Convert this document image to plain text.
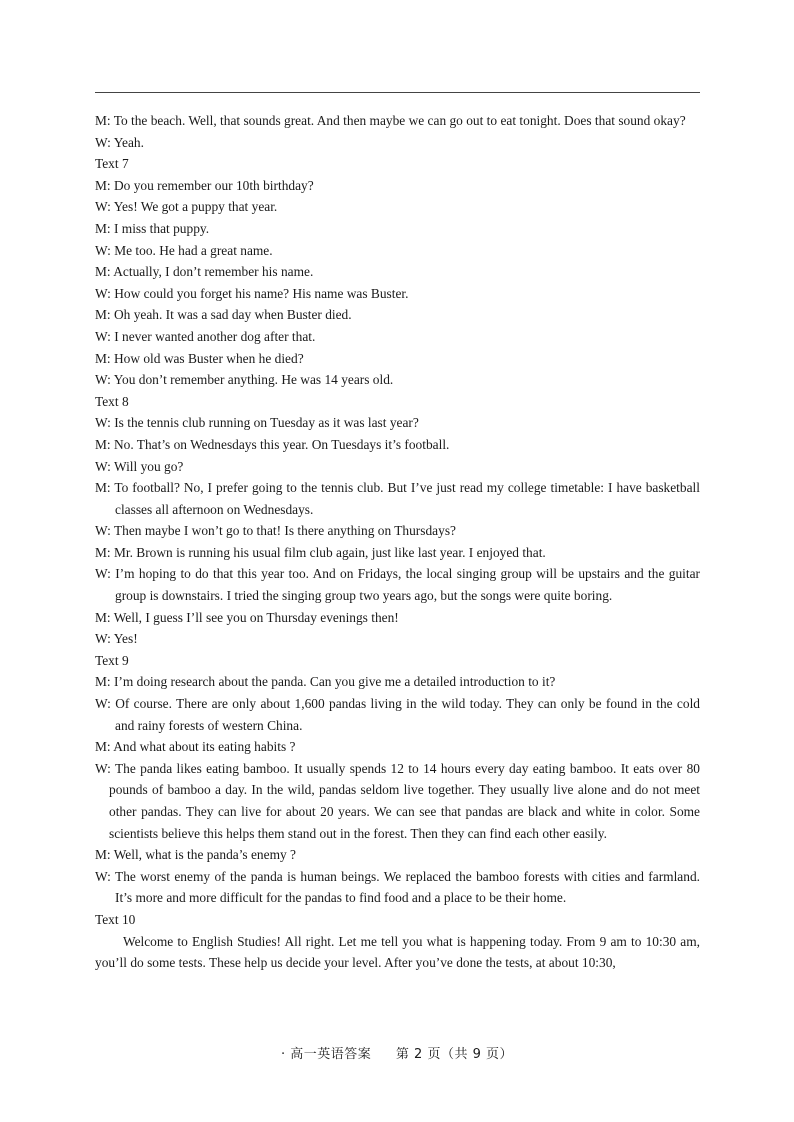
M: To the beach. Well, that sounds great. And then maybe we can go out to eat tonight. Does that sound okay?

W: Yeah.

Text 7

M: Do you remember our 10th birthday?

W: Yes! We got a puppy that year.

M: I miss that puppy.

W: Me too. He had a great name.

M: Actually, I don’t remember his name.

W: How could you forget his name? His name was Buster.

M: Oh yeah. It was a sad day when Buster died.

W: I never wanted another dog after that.

M: How old was Buster when he died?

W: You don’t remember anything. He was 14 years old.

Text 8

W: Is the tennis club running on Tuesday as it was last year?

M: No. That’s on Wednesdays this year. On Tuesdays it’s football.

W: Will you go?

M: To football? No, I prefer going to the tennis club. But I’ve just read my college timetable: I have basketball classes all afternoon on Wednesdays.

W: Then maybe I won’t go to that! Is there anything on Thursdays?

M: Mr. Brown is running his usual film club again, just like last year. I enjoyed that.

W: I’m hoping to do that this year too. And on Fridays, the local singing group will be upstairs and the guitar group is downstairs. I tried the singing group two years ago, but the songs were quite boring.

M: Well, I guess I’ll see you on Thursday evenings then!

W: Yes!

Text 9

M: I’m doing research about the panda. Can you give me a detailed introduction to it?

W: Of course. There are only about 1,600 pandas living in the wild today. They can only be found in the cold and rainy forests of western China.

M: And what about its eating habits ?

W: The panda likes eating bamboo. It usually spends 12 to 14 hours every day eating bamboo. It eats over 80 pounds of bamboo a day. In the wild, pandas seldom live together. They usually live alone and do not meet other pandas. They can live for about 20 years. We can see that pandas are black and white in color. Some scientists believe this helps them stand out in the forest. Then they can find each other easily.

M: Well, what is the panda’s enemy ?

W: The worst enemy of the panda is human beings. We replaced the bamboo forests with cities and farmland. It’s more and more difficult for the pandas to find food and a place to be their home.

Text 10

Welcome to English Studies! All right. Let me tell you what is happening today. From 9 am to 10:30 am, you’ll do some tests. These help us decide your level. After you’ve done the tests, at about 10:30,

· 高一英语答案 第 2 页（共 9 页）
